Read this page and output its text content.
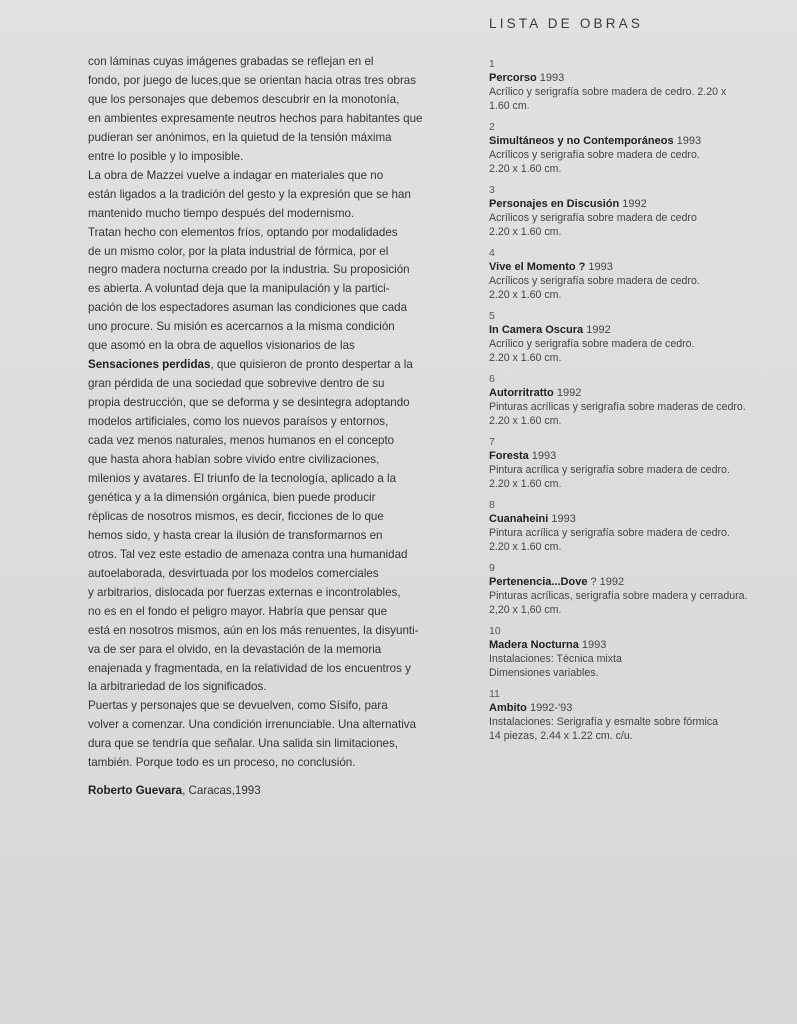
con láminas cuyas imágenes grabadas se reflejan en el
fondo, por juego de luces,que se orientan hacia otras tres obras
que los personajes que debemos descubrir en la monotonía,
en ambientes expresamente neutros hechos para habitantes que
pudieran ser anónimos, en la quietud de la tensión máxima
entre lo posible y lo imposible.
La obra de Mazzei vuelve a indagar en materiales que no
están ligados a la tradición del gesto y la expresión que se han
mantenido mucho tiempo después del modernismo.
Tratan hecho con elementos fríos, optando por modalidades
de un mismo color, por la plata industrial de fórmica, por el
negro madera nocturna creado por la industria. Su proposición
es abierta. A voluntad deja que la manipulación y la partici-
pación de los espectadores asuman las condiciones que cada
uno procure. Su misión es acercarnos a la misma condición
que asomó en la obra de aquellos visionarios de las
Sensaciones perdidas, que quisieron de pronto despertar a la
gran pérdida de una sociedad que sobrevive dentro de su
propia destrucción, que se deforma y se desintegra adoptando
modelos artificiales, como los nuevos paraísos y entornos,
cada vez menos naturales, menos humanos en el concepto
que hasta ahora habían sobre vivido entre civilizaciones,
milenios y avatares. El triunfo de la tecnología, aplicado a la
genética y a la dimensión orgánica, bien puede producir
réplicas de nosotros mismos, es decir, ficciones de lo que
hemos sido, y hasta crear la ilusión de transformarnos en
otros. Tal vez este estadio de amenaza contra una humanidad
autoelaborada, desvirtuada por los modelos comerciales
y arbitrarios, dislocada por fuerzas externas e incontrolables,
no es en el fondo el peligro mayor. Habría que pensar que
está en nosotros mismos, aún en los más renuentes, la disyunti-
va de ser para el olvido, en la devastación de la memoria
enajenada y fragmentada, en la relatividad de los encuentros y
la arbitrariedad de los significados.
Puertas y personajes que se devuelven, como Sísifo, para
volver a comenzar. Una condición irrenunciable. Una alternativa
dura que se tendría que señalar. Una salida sin limitaciones,
también. Porque todo es un proceso, no conclusión.
Roberto Guevara, Caracas,1993
LISTA DE OBRAS
1
Percorso 1993
Acrílico y serigrafía sobre madera de cedro. 2.20 x
1.60 cm.
2
Simultáneos y no Contemporáneos 1993
Acrílicos y serigrafía sobre madera de cedro.
2.20 x 1.60 cm.
3
Personajes en Discusión 1992
Acrílicos y serigrafía sobre madera de cedro
2.20 x 1.60 cm.
4
Vive el Momento ? 1993
Acrílicos y serigrafía sobre madera de cedro.
2.20 x 1.60 cm.
5
In Camera Oscura 1992
Acrílico y serigrafía sobre madera de cedro.
2.20 x 1.60 cm.
6
Autorritratto 1992
Pinturas acrílicas y serigrafía sobre maderas de cedro.
2.20 x 1.60 cm.
7
Foresta 1993
Pintura acrílica y serigrafía sobre madera de cedro.
2.20 x 1.60 cm.
8
Cuanaheini 1993
Pintura acrílica y serigrafía sobre madera de cedro.
2.20 x 1.60 cm.
9
Pertenencia...Dove ? 1992
Pinturas acrílicas, serigrafía sobre madera y cerradura.
2,20 x 1,60 cm.
10
Madera Nocturna 1993
Instalaciones: Técnica mixta
Dimensiones variables.
11
Ambito 1992-'93
Instalaciones: Serigrafía y esmalte sobre fórmica
14 piezas, 2.44 x 1.22 cm. c/u.
